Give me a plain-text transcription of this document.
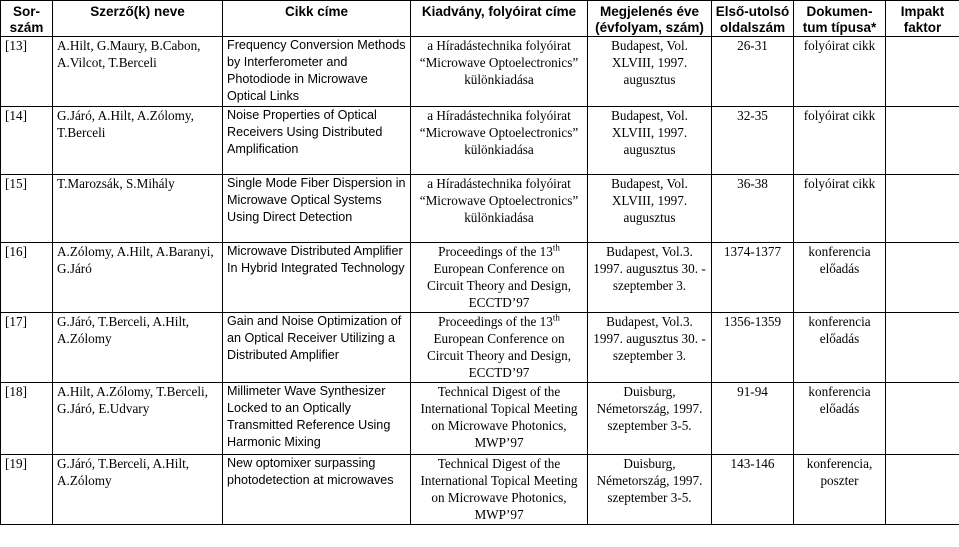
Sor-
szám	Szerző(k) neve	Cikk címe	Kiadvány, folyóirat címe	Megjelenés éve (évfolyam, szám)	Első-utolsó oldalszám	Dokumen-tum típusa*	Impakt faktor
[13]	A.Hilt, G.Maury, B.Cabon, A.Vilcot, T.Berceli	Frequency Conversion Methods by Interferometer and Photodiode in Microwave Optical Links	a Híradástechnika folyóirat “Microwave Optoelectronics” különkiadása	Budapest, Vol. XLVIII, 1997. augusztus	26-31	folyóirat cikk	
[14]	G.Járó, A.Hilt, A.Zólomy, T.Berceli	Noise Properties of Optical Receivers Using Distributed Amplification	a Híradástechnika folyóirat “Microwave Optoelectronics” különkiadása	Budapest, Vol. XLVIII, 1997. augusztus	32-35	folyóirat cikk	
[15]	T.Marozsák, S.Mihály	Single Mode Fiber Dispersion in Microwave Optical Systems Using Direct Detection	a Híradástechnika folyóirat “Microwave Optoelectronics” különkiadása	Budapest, Vol. XLVIII, 1997. augusztus	36-38	folyóirat cikk	
[16]	A.Zólomy, A.Hilt, A.Baranyi, G.Járó	Microwave Distributed Amplifier In Hybrid Integrated Technology	Proceedings of the 13th European Conference on Circuit Theory and Design, ECCTD’97	Budapest, Vol.3. 1997. augusztus 30. - szeptember 3.	1374-1377	konferencia előadás	
[17]	G.Járó, T.Berceli, A.Hilt, A.Zólomy	Gain and Noise Optimization of an Optical Receiver Utilizing a Distributed Amplifier	Proceedings of the 13th European Conference on Circuit Theory and Design, ECCTD’97	Budapest, Vol.3. 1997. augusztus 30. - szeptember 3.	1356-1359	konferencia előadás	
[18]	A.Hilt, A.Zólomy, T.Berceli, G.Járó, E.Udvary	Millimeter Wave Synthesizer Locked to an Optically Transmitted Reference Using Harmonic Mixing	Technical Digest of the International Topical Meeting on Microwave Photonics, MWP’97	Duisburg, Németország, 1997. szeptember 3-5.	91-94	konferencia előadás	
[19]	G.Járó, T.Berceli, A.Hilt, A.Zólomy	New optomixer surpassing photodetection at microwaves	Technical Digest of the International Topical Meeting on Microwave Photonics, MWP’97	Duisburg, Németország, 1997. szeptember 3-5.	143-146	konferencia, poszter	
